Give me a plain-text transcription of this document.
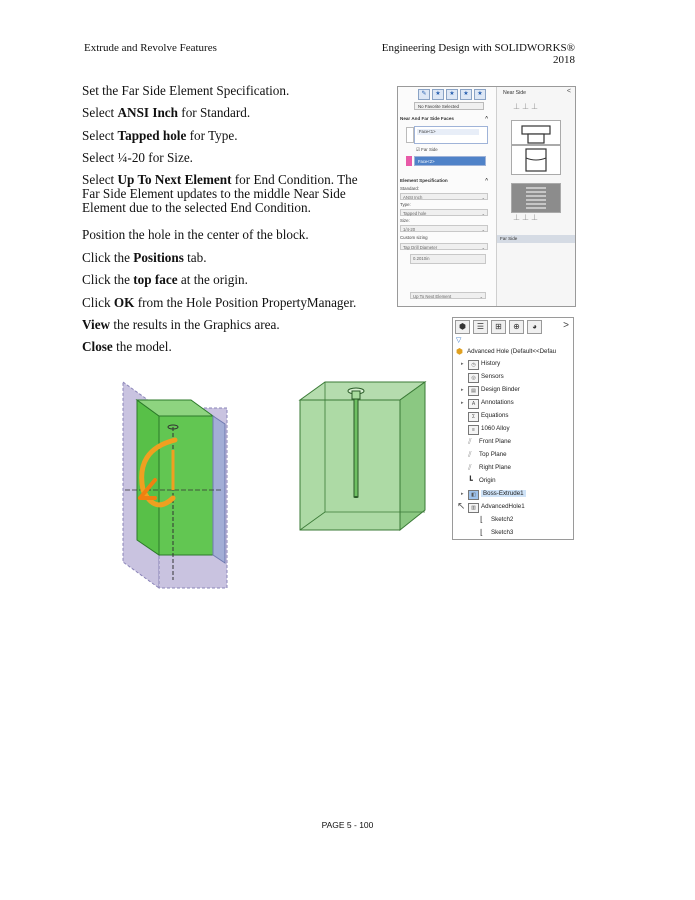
Extrude and Revolve Features	Engineering Design with SOLIDWORKS® 2018
Set the Far Side Element Specification.
Select ANSI Inch for Standard.
Select Tapped hole for Type.
Select ¼-20 for Size.
Select Up To Next Element for End Condition. The Far Side Element updates to the middle Near Side Element due to the selected End Condition.
Position the hole in the center of the block.
Click the Positions tab.
Click the top face at the origin.
Click OK from the Hole Position PropertyManager.
View the results in the Graphics area.
Close the model.
✎	★	★	★	★
No Favorite Selected
Near And Far Side Faces	^
Face<1>
☑ Far Side
Face<2>
Element Specification	^
Standard:
ANSI Inch	⌄
Type:
Tapped hole	⌄
Size:
1/4-20	⌄
Custom sizing
Tap Drill Diameter	⌄
0.2010in
Up To Next Element	⌄
Near Side	<
⊥⊥⊥
⊥⊥⊥
Far Side
⬢	☰	⊞	⊕	◕	>
▽
⬢ Advanced Hole (Default<<Defau
▸	◷ History
◎ Sensors
▸	▤ Design Binder
▸	A Annotations
Σ Equations
≡ 1060 Alloy
⫽ Front Plane
⫽ Top Plane
⫽ Right Plane
┗ Origin
▸	◧ Boss-Extrude1
↖	▥ AdvancedHole1
⌊ Sketch2
⌊ Sketch3
PAGE 5 - 100
